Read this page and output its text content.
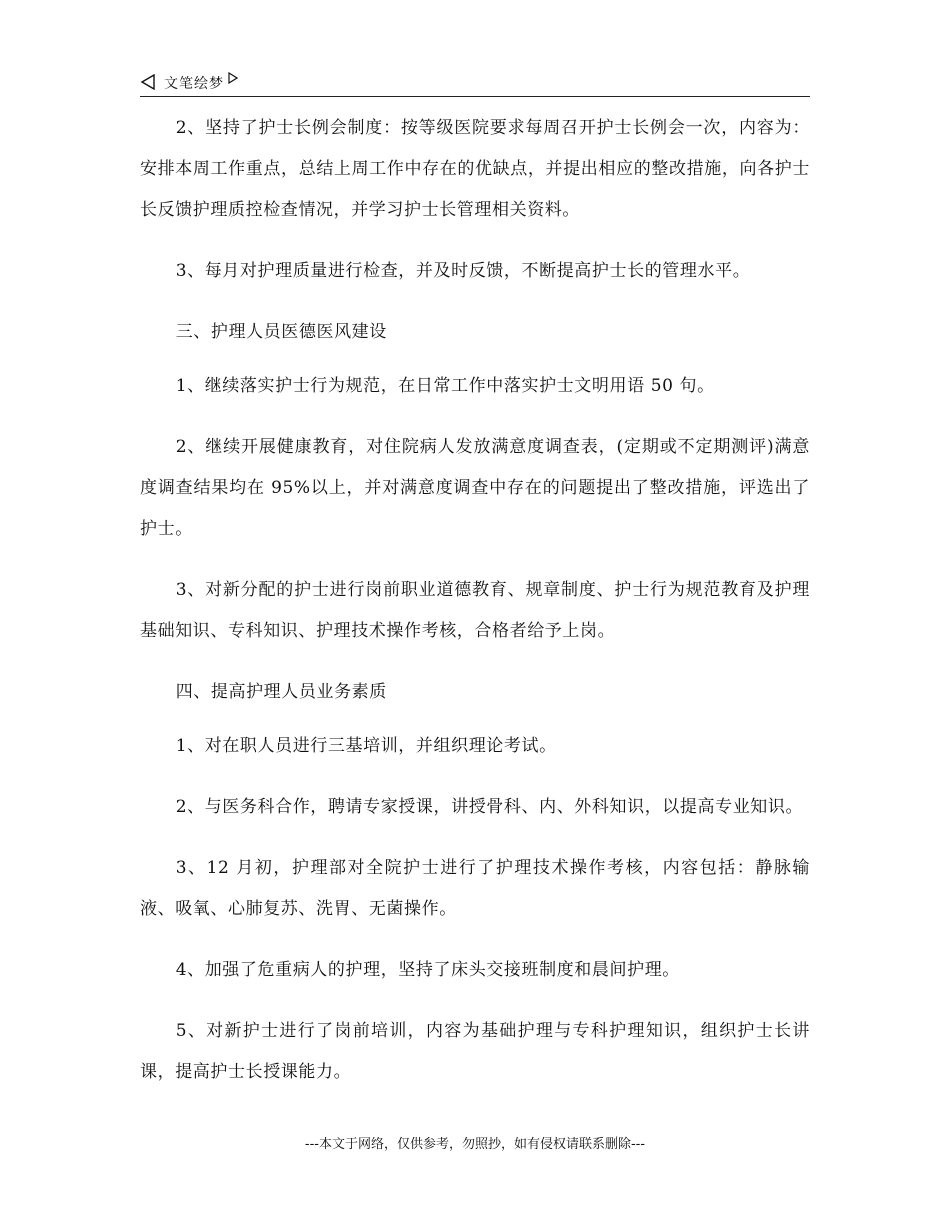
文笔绘梦

2、坚持了护士长例会制度：按等级医院要求每周召开护士长例会一次，内容为：安排本周工作重点，总结上周工作中存在的优缺点，并提出相应的整改措施，向各护士长反馈护理质控检查情况，并学习护士长管理相关资料。

3、每月对护理质量进行检查，并及时反馈，不断提高护士长的管理水平。

三、护理人员医德医风建设

1、继续落实护士行为规范，在日常工作中落实护士文明用语 50 句。

2、继续开展健康教育，对住院病人发放满意度调查表，(定期或不定期测评)满意度调查结果均在 95%以上，并对满意度调查中存在的问题提出了整改措施，评选出了护士。

3、对新分配的护士进行岗前职业道德教育、规章制度、护士行为规范教育及护理基础知识、专科知识、护理技术操作考核，合格者给予上岗。

四、提高护理人员业务素质

1、对在职人员进行三基培训，并组织理论考试。

2、与医务科合作，聘请专家授课，讲授骨科、内、外科知识，以提高专业知识。

3、12 月初，护理部对全院护士进行了护理技术操作考核，内容包括：静脉输液、吸氧、心肺复苏、洗胃、无菌操作。

4、加强了危重病人的护理，坚持了床头交接班制度和晨间护理。

5、对新护士进行了岗前培训，内容为基础护理与专科护理知识，组织护士长讲课，提高护士长授课能力。

---本文于网络，仅供参考，勿照抄，如有侵权请联系删除---
